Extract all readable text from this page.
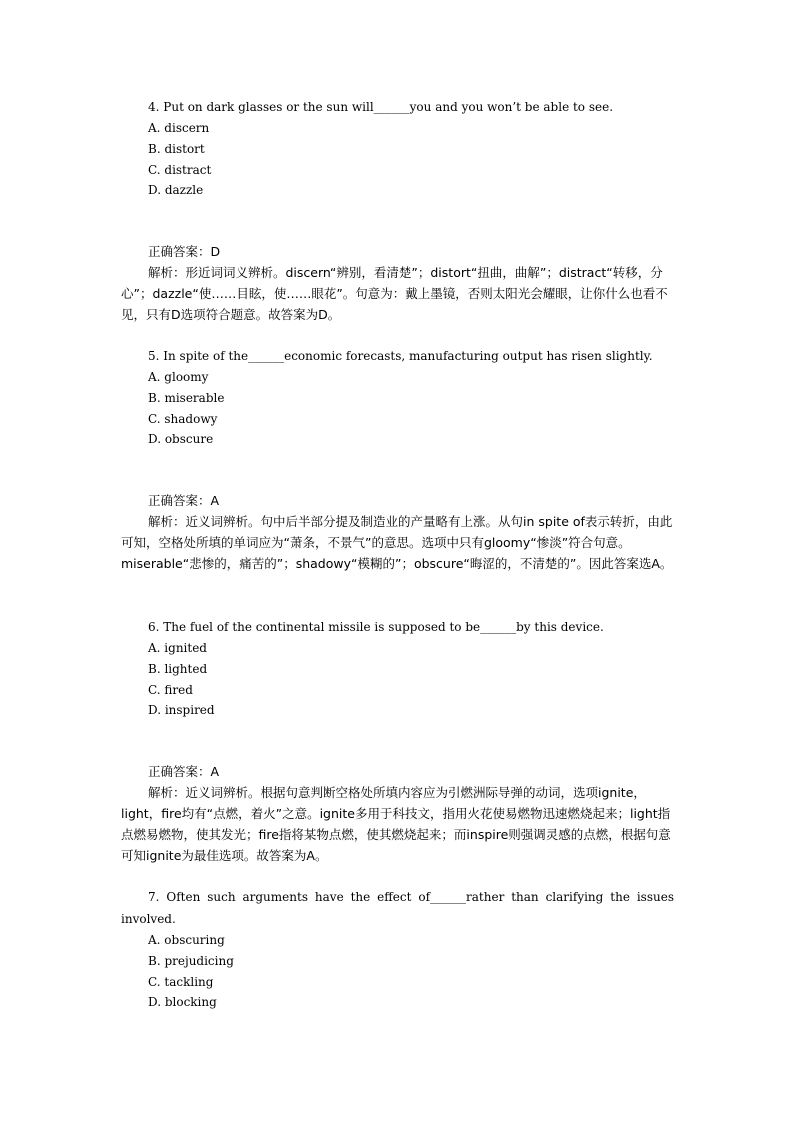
4. Put on dark glasses or the sun will______you and you won’t be able to see.

A. discern

B. distort

C. distract

D. dazzle

正确答案：D

解析：形近词词义辨析。discern“辨别，看清楚”；distort“扭曲，曲解”；distract“转移，分心”；dazzle“使……目眩，使……眼花”。句意为：戴上墨镜，否则太阳光会耀眼，让你什么也看不见，只有D选项符合题意。故答案为D。

5. In spite of the______economic forecasts, manufacturing output has risen slightly.

A. gloomy

B. miserable

C. shadowy

D. obscure

正确答案：A

解析：近义词辨析。句中后半部分提及制造业的产量略有上涨。从句in spite of表示转折，由此可知，空格处所填的单词应为“萧条，不景气”的意思。选项中只有gloomy“惨淡”符合句意。miserable“悲惨的，痛苦的”；shadowy“模糊的”；obscure“晦涩的，不清楚的”。因此答案选A。

6. The fuel of the continental missile is supposed to be______by this device.

A. ignited

B. lighted

C. fired

D. inspired

正确答案：A

解析：近义词辨析。根据句意判断空格处所填内容应为引燃洲际导弹的动词，选项ignite，light，fire均有“点燃，着火”之意。ignite多用于科技文，指用火花使易燃物迅速燃烧起来；light指点燃易燃物，使其发光；fire指将某物点燃，使其燃烧起来；而inspire则强调灵感的点燃，根据句意可知ignite为最佳选项。故答案为A。

7. Often such arguments have the effect of______rather than clarifying the issues involved.

A. obscuring

B. prejudicing

C. tackling

D. blocking
